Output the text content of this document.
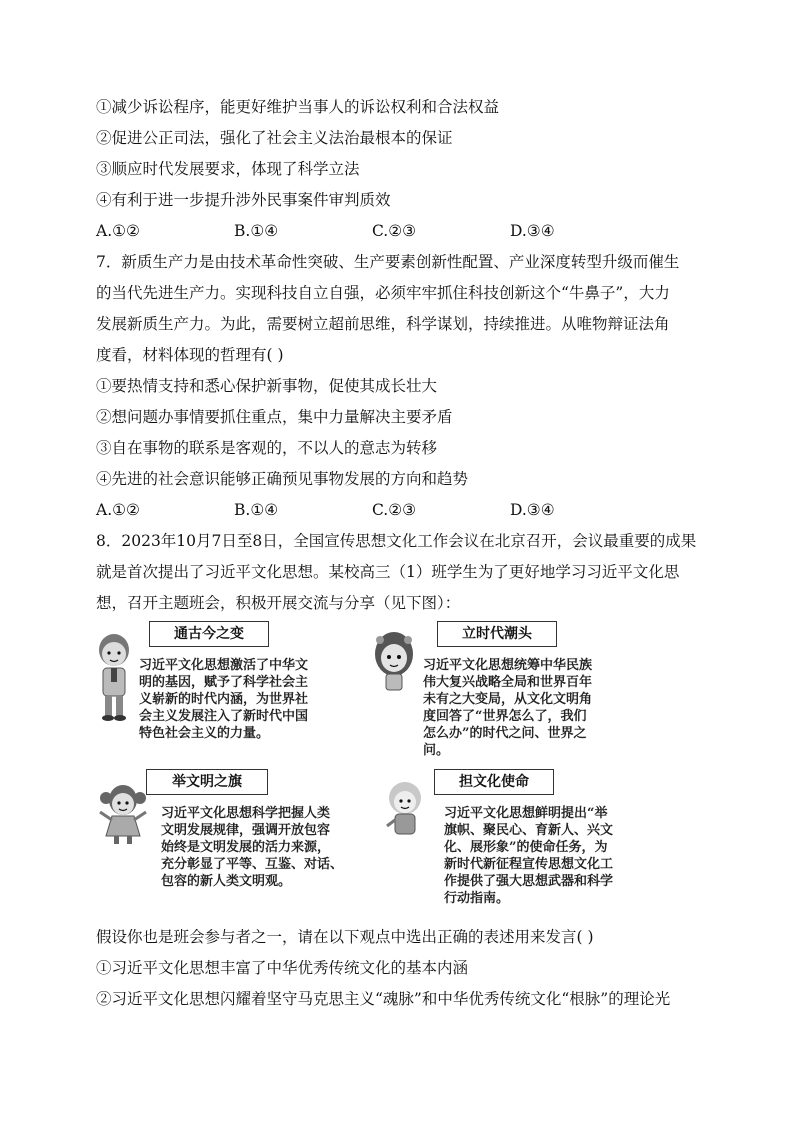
①减少诉讼程序，能更好维护当事人的诉讼权利和合法权益
②促进公正司法，强化了社会主义法治最根本的保证
③顺应时代发展要求，体现了科学立法
④有利于进一步提升涉外民事案件审判质效
A.①②	B.①④	C.②③	D.③④
7．新质生产力是由技术革命性突破、生产要素创新性配置、产业深度转型升级而催生
的当代先进生产力。实现科技自立自强，必须牢牢抓住科技创新这个“牛鼻子”，大力
发展新质生产力。为此，需要树立超前思维，科学谋划，持续推进。从唯物辩证法角
度看，材料体现的哲理有( )
①要热情支持和悉心保护新事物，促使其成长壮大
②想问题办事情要抓住重点，集中力量解决主要矛盾
③自在事物的联系是客观的，不以人的意志为转移
④先进的社会意识能够正确预见事物发展的方向和趋势
A.①②	B.①④	C.②③	D.③④
8．2023年10月7日至8日，全国宣传思想文化工作会议在北京召开，会议最重要的成果
就是首次提出了习近平文化思想。某校高三（1）班学生为了更好地学习习近平文化思
想，召开主题班会，积极开展交流与分享（见下图）：
通古今之变
习近平文化思想激活了中华文
明的基因，赋予了科学社会主
义崭新的时代内涵，为世界社
会主义发展注入了新时代中国
特色社会主义的力量。
立时代潮头
习近平文化思想统筹中华民族
伟大复兴战略全局和世界百年
未有之大变局，从文化文明角
度回答了“世界怎么了，我们
怎么办”的时代之问、世界之
问。
举文明之旗
习近平文化思想科学把握人类
文明发展规律，强调开放包容
始终是文明发展的活力来源，
充分彰显了平等、互鉴、对话、
包容的新人类文明观。
担文化使命
习近平文化思想鲜明提出“举
旗帜、聚民心、育新人、兴文
化、展形象”的使命任务，为
新时代新征程宣传思想文化工
作提供了强大思想武器和科学
行动指南。
假设你也是班会参与者之一，请在以下观点中选出正确的表述用来发言( )
①习近平文化思想丰富了中华优秀传统文化的基本内涵
②习近平文化思想闪耀着坚守马克思主义“魂脉”和中华优秀传统文化“根脉”的理论光
